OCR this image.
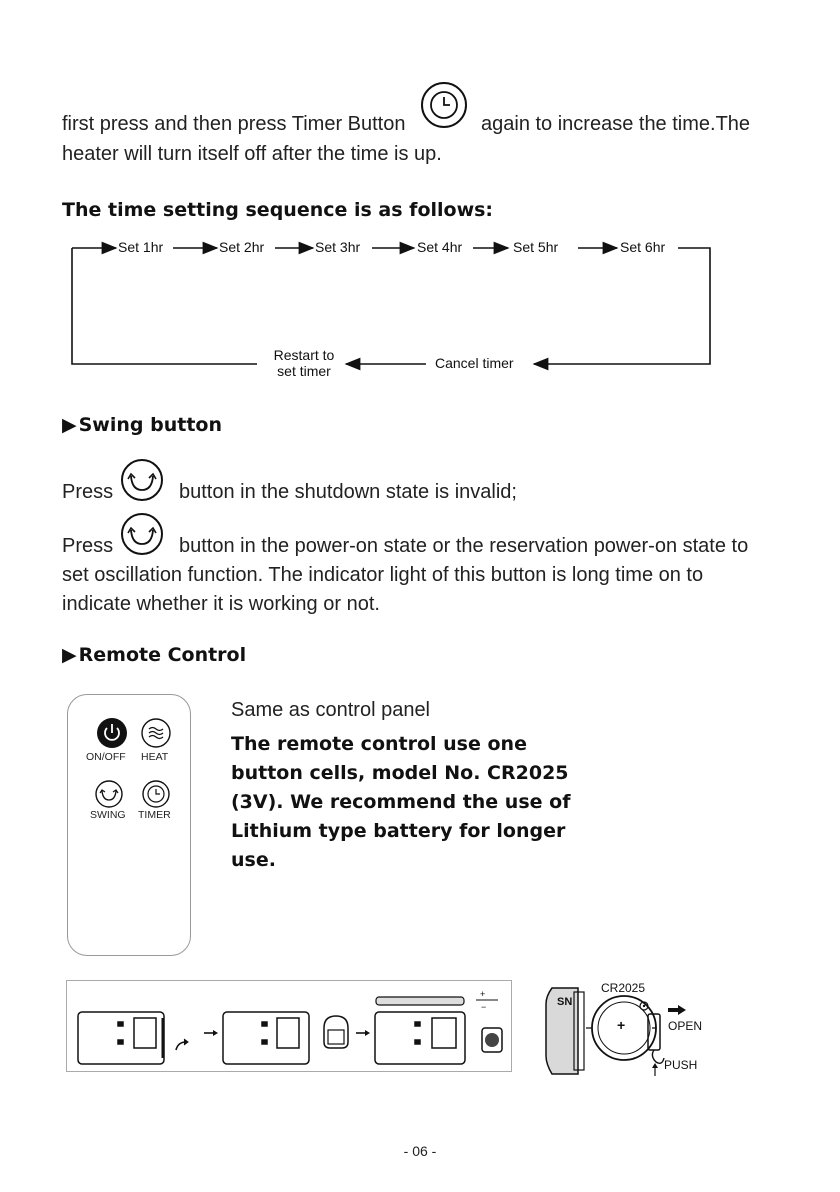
first press and then press Timer Button	again to increase the time.The
heater will turn itself off after the time is up.
The time setting sequence is as follows:
Set 1hr	Set 2hr	Set 3hr	Set 4hr	Set 5hr	Set 6hr
Cancel timer
Restart to
set timer
▶ Swing button
Press	button in the shutdown state is invalid;
Press	button in the power-on state or the reservation power-on state to
set oscillation function. The indicator light of this button is long time on to
indicate whether it is working or not.
▶ Remote Control
ON/OFF HEAT
SWING TIMER
Same as control panel
The remote control use one
button cells, model No. CR2025
(3V). We recommend the use of
Lithium type battery for longer
use.
+
−	SN
CR2025
+	OPEN
PUSH
- 06 -
